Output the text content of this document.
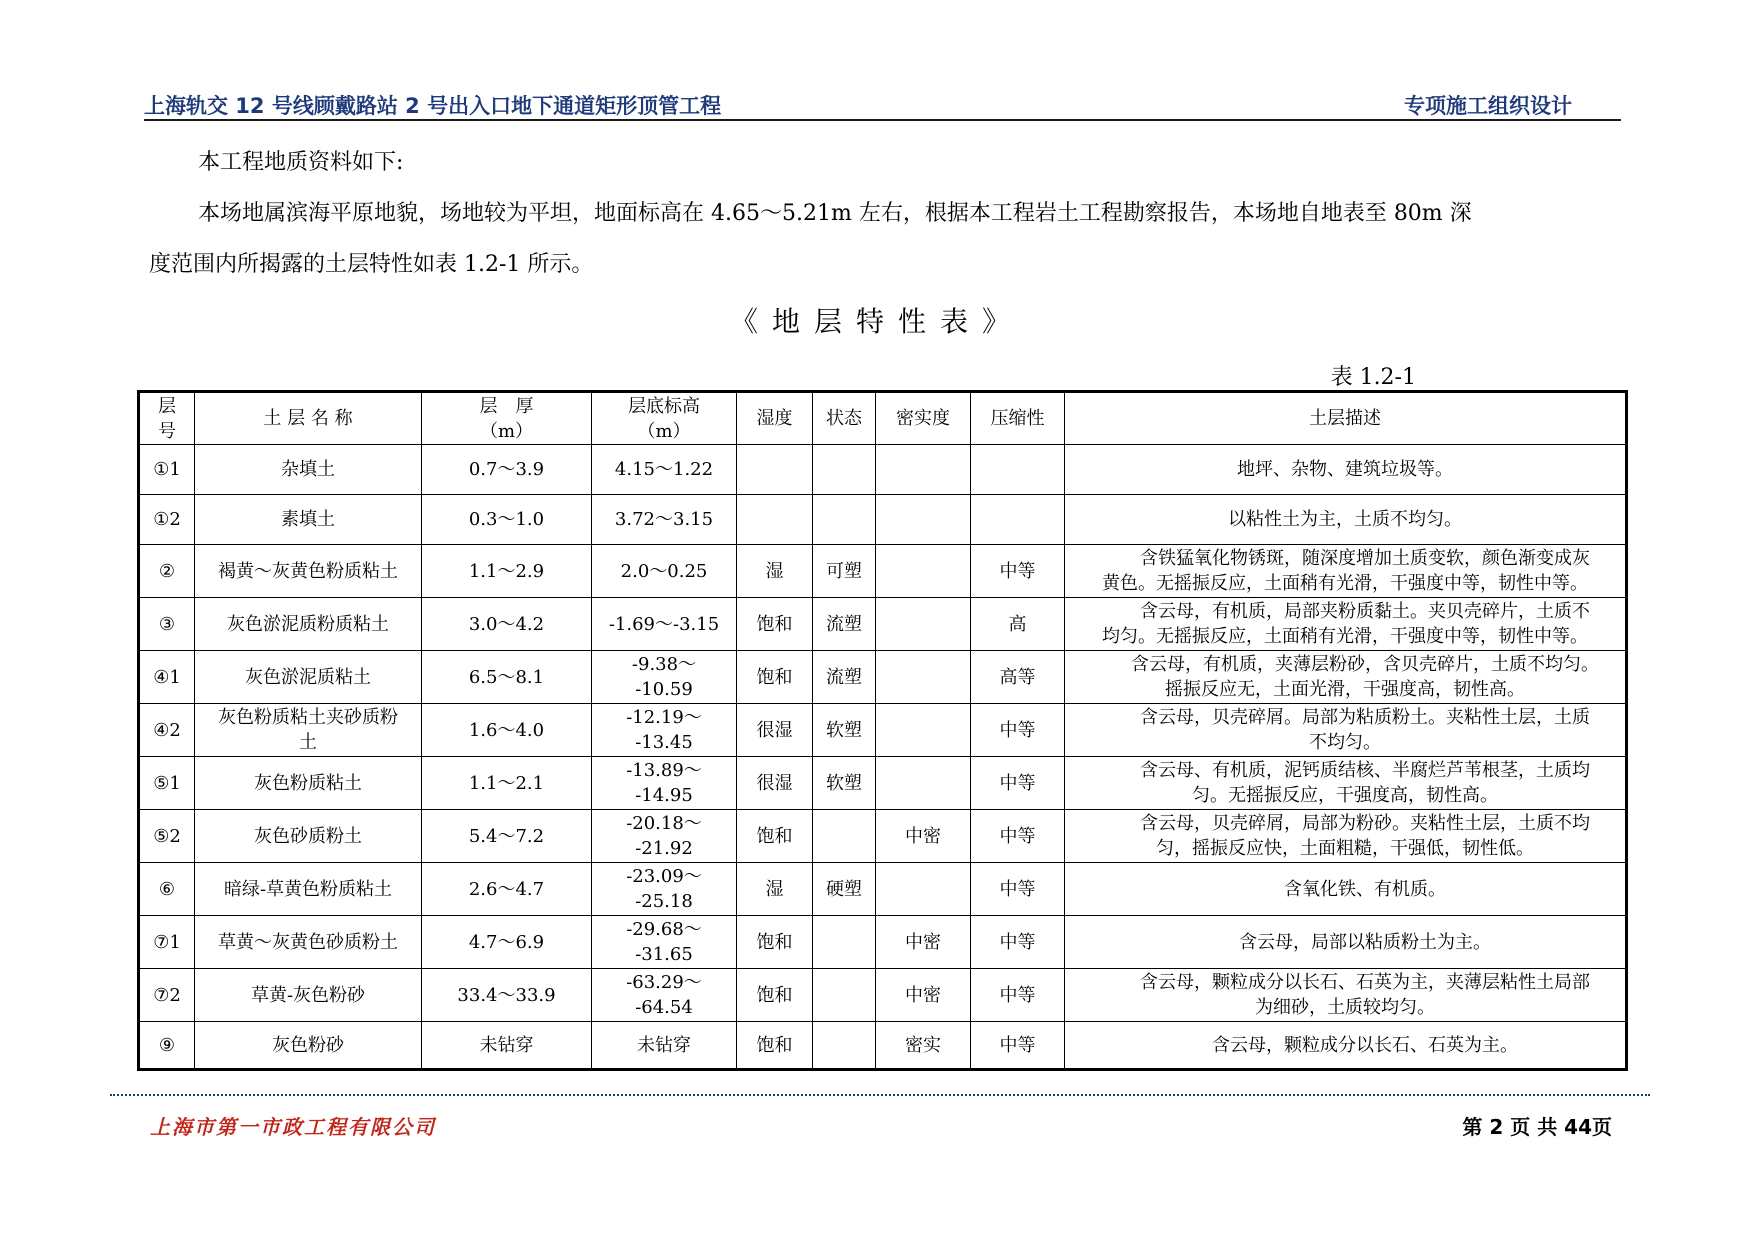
上海轨交 12 号线顾戴路站 2 号出入口地下通道矩形顶管工程	专项施工组织设计
本工程地质资料如下:
本场地属滨海平原地貌，场地较为平坦，地面标高在 4.65～5.21m 左右，根据本工程岩土工程勘察报告，本场地自地表至 80m 深
度范围内所揭露的土层特性如表 1.2-1 所示。
《地层特性表》
表 1.2-1
层
号	土 层 名 称	层　厚
（m）	层底标高
（m）	湿度	状态	密实度	压缩性	土层描述
①1	杂填土	0.7～3.9	4.15～1.22					地坪、杂物、建筑垃圾等。
①2	素填土	0.3～1.0	3.72～3.15					以粘性土为主，土质不均匀。
②	褐黄～灰黄色粉质粘土	1.1～2.9	2.0～0.25	湿	可塑		中等	含铁猛氧化物锈斑，随深度增加土质变软，颜色渐变成灰
黄色。无摇振反应，土面稍有光滑，干强度中等，韧性中等。
③	灰色淤泥质粉质粘土	3.0～4.2	-1.69～-3.15	饱和	流塑		高	含云母，有机质，局部夹粉质黏土。夹贝壳碎片，土质不
均匀。无摇振反应，土面稍有光滑，干强度中等，韧性中等。
④1	灰色淤泥质粘土	6.5～8.1	-9.38～
-10.59	饱和	流塑		高等	含云母，有机质，夹薄层粉砂，含贝壳碎片，土质不均匀。
摇振反应无，土面光滑，干强度高，韧性高。
④2	灰色粉质粘土夹砂质粉
土	1.6～4.0	-12.19～
-13.45	很湿	软塑		中等	含云母，贝壳碎屑。局部为粘质粉土。夹粘性土层，土质
不均匀。
⑤1	灰色粉质粘土	1.1～2.1	-13.89～
-14.95	很湿	软塑		中等	含云母、有机质，泥钙质结核、半腐烂芦苇根茎，土质均
匀。无摇振反应，干强度高，韧性高。
⑤2	灰色砂质粉土	5.4～7.2	-20.18～
-21.92	饱和		中密	中等	含云母，贝壳碎屑，局部为粉砂。夹粘性土层，土质不均
匀，摇振反应快，土面粗糙，干强低，韧性低。
⑥	暗绿-草黄色粉质粘土	2.6～4.7	-23.09～
-25.18	湿	硬塑		中等	含氧化铁、有机质。
⑦1	草黄～灰黄色砂质粉土	4.7～6.9	-29.68～
-31.65	饱和		中密	中等	含云母，局部以粘质粉土为主。
⑦2	草黄-灰色粉砂	33.4～33.9	-63.29～
-64.54	饱和		中密	中等	含云母，颗粒成分以长石、石英为主，夹薄层粘性土局部
为细砂，土质较均匀。
⑨	灰色粉砂	未钻穿	未钻穿	饱和		密实	中等	含云母，颗粒成分以长石、石英为主。
上海市第一市政工程有限公司	第 2 页 共 44页
